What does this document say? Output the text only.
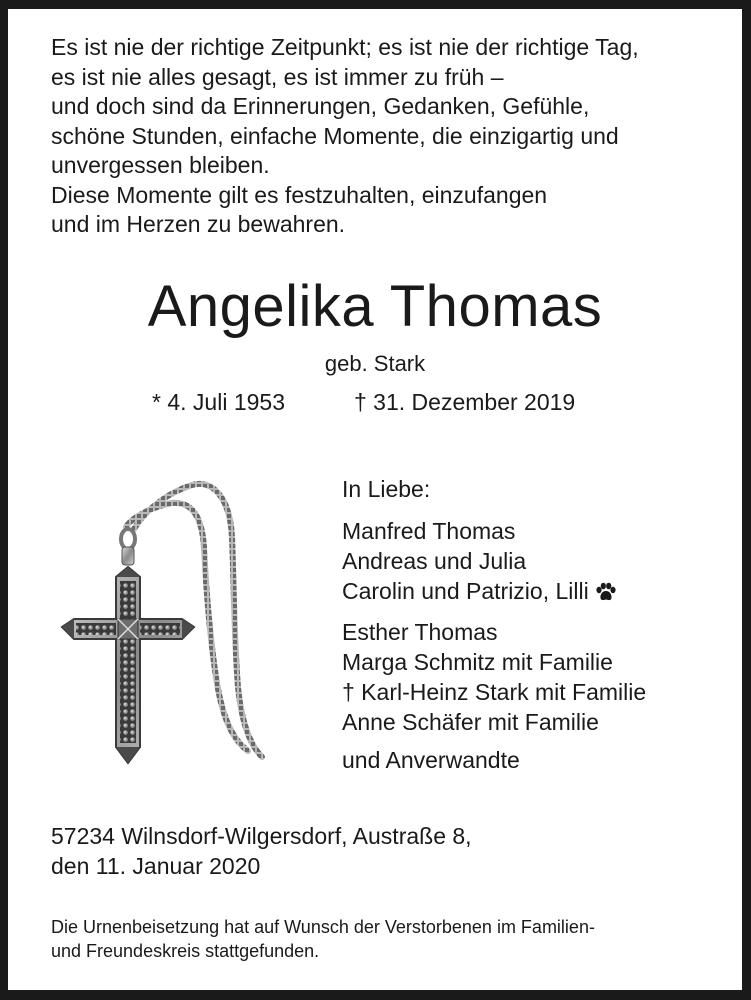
Es ist nie der richtige Zeitpunkt; es ist nie der richtige Tag,
es ist nie alles gesagt, es ist immer zu früh –
und doch sind da Erinnerungen, Gedanken, Gefühle,
schöne Stunden, einfache Momente, die einzigartig und
unvergessen bleiben.
Diese Momente gilt es festzuhalten, einzufangen
und im Herzen zu bewahren.
Angelika Thomas
geb. Stark
* 4. Juli 1953	† 31. Dezember 2019
In Liebe:
Manfred Thomas
Andreas und Julia
Carolin und Patrizio, Lilli
Esther Thomas
Marga Schmitz mit Familie
† Karl-Heinz Stark mit Familie
Anne Schäfer mit Familie
und Anverwandte
57234 Wilnsdorf-Wilgersdorf, Austraße 8,
den 11. Januar 2020
Die Urnenbeisetzung hat auf Wunsch der Verstorbenen im Familien-
und Freundeskreis stattgefunden.
